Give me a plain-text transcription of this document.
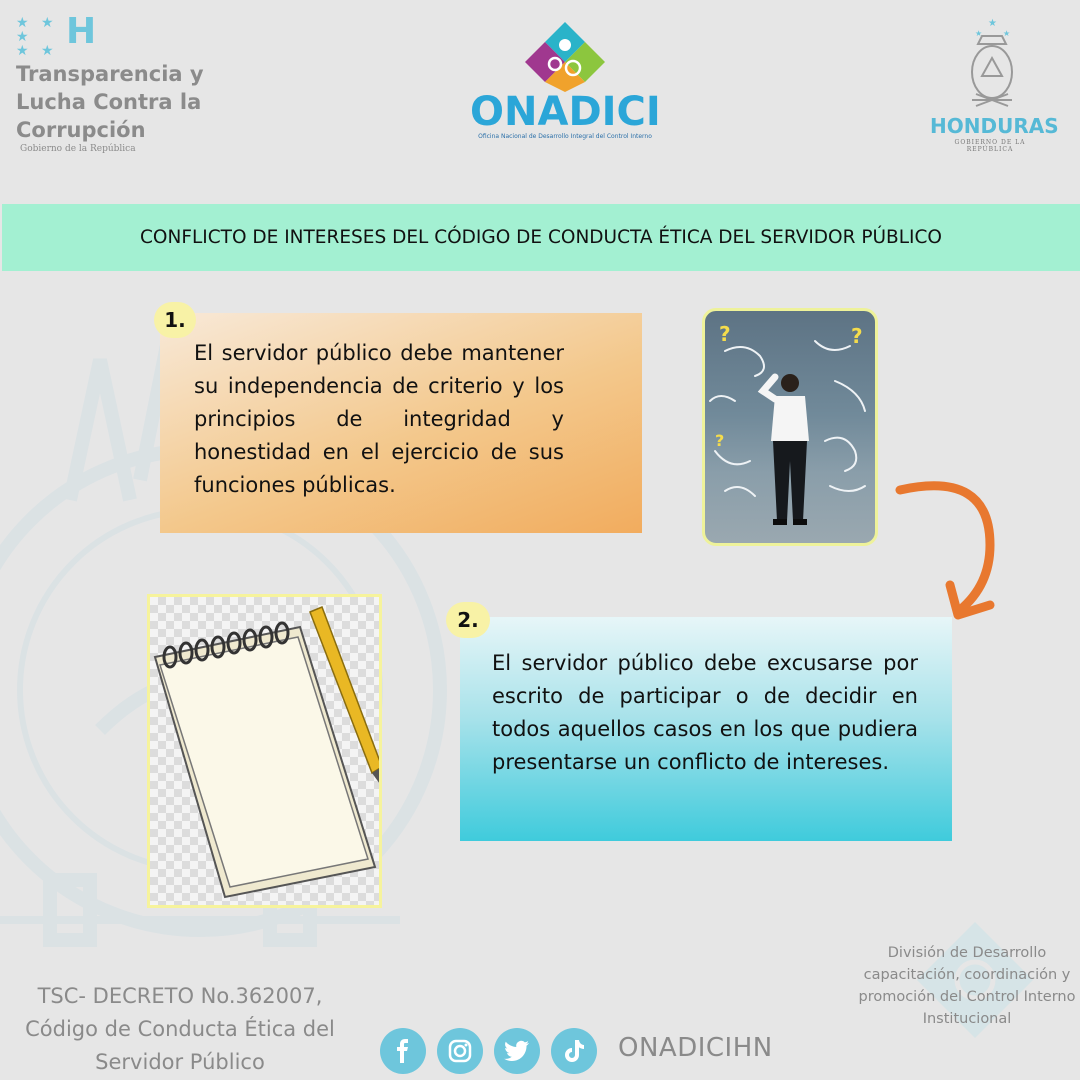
★ ★ ★
★ ★ H
Transparencia y Lucha Contra la Corrupción
Gobierno de la República
ONADICI
Oficina Nacional de Desarrollo Integral del Control Interno
★
★	★
HONDURAS
GOBIERNO DE LA REPÚBLICA
CONFLICTO DE INTERESES DEL CÓDIGO DE CONDUCTA ÉTICA DEL SERVIDOR PÚBLICO
El servidor público debe mantener su independencia de criterio y los principios de integridad y honestidad en el ejercicio de sus funciones públicas.
1.
?	?
?
El servidor público debe excusarse por escrito de participar o de decidir en todos aquellos casos en los que pudiera presentarse un conflicto de intereses.
2.
División de Desarrollo capacitación, coordinación y promoción del Control Interno Institucional
TSC- DECRETO No.362007, Código de Conducta Ética del Servidor Público	ONADICIHN
